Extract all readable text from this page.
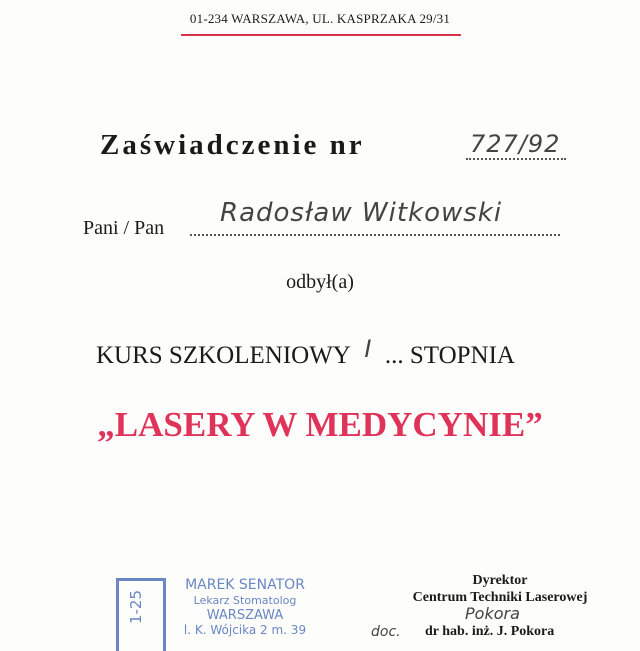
01-234 WARSZAWA, UL. KASPRZAKA 29/31
Zaświadczenie nr	727/92
Pani / Pan Radosław Witkowski
odbył(a)
KURS SZKOLENIOWY I ... STOPNIA
„LASERY W MEDYCYNIE”
1-25
MAREK SENATOR
Lekarz Stomatolog
WARSZAWA
l. K. Wójcika 2 m. 39
Dyrektor
Centrum Techniki Laserowej
Pokora
doc. dr hab. inż. J. Pokora
